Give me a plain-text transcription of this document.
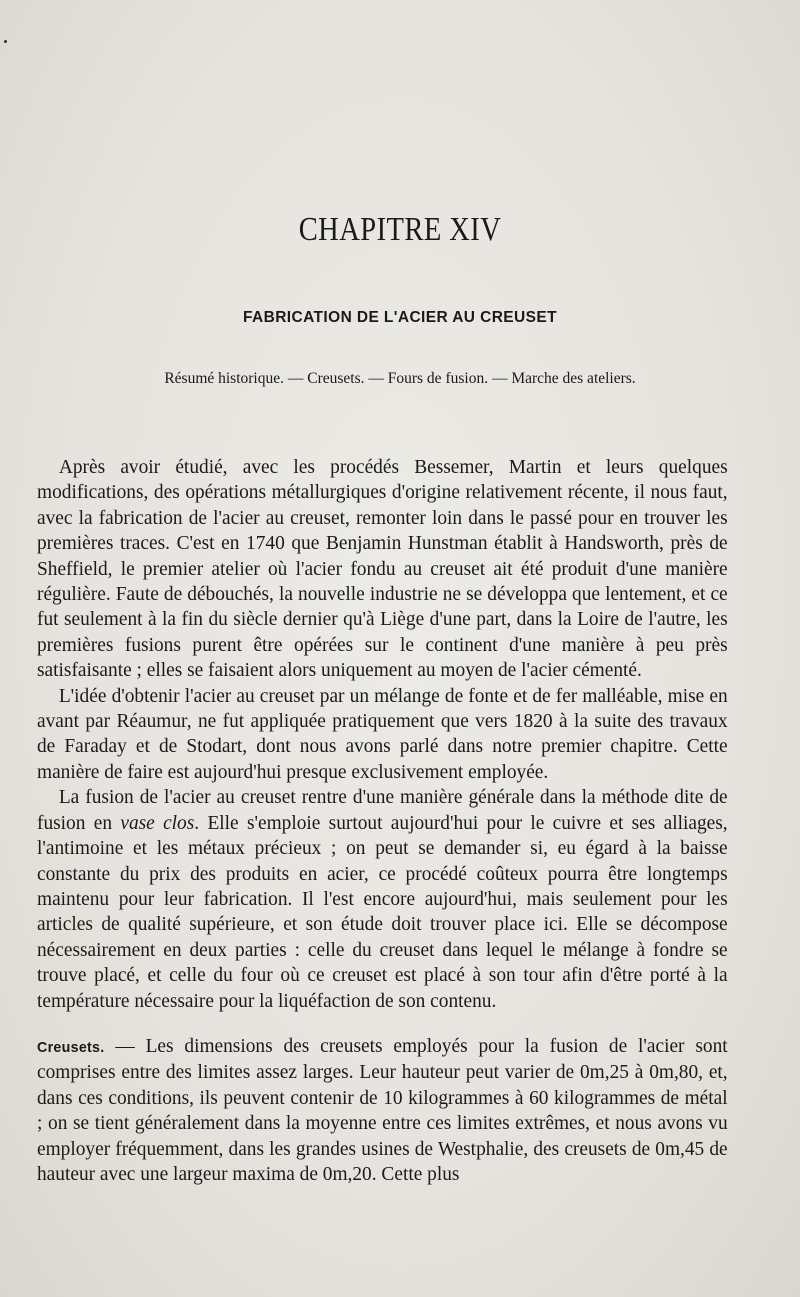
CHAPITRE XIV
FABRICATION DE L'ACIER AU CREUSET

Résumé historique. — Creusets. — Fours de fusion. — Marche des ateliers.

Après avoir étudié, avec les procédés Bessemer, Martin et leurs quelques modifications, des opérations métallurgiques d'origine relativement récente, il nous faut, avec la fabrication de l'acier au creuset, remonter loin dans le passé pour en trouver les premières traces. C'est en 1740 que Benjamin Hunstman établit à Handsworth, près de Sheffield, le premier atelier où l'acier fondu au creuset ait été produit d'une manière régulière. Faute de débouchés, la nouvelle industrie ne se développa que lentement, et ce fut seulement à la fin du siècle dernier qu'à Liège d'une part, dans la Loire de l'autre, les premières fusions purent être opérées sur le continent d'une manière à peu près satisfaisante ; elles se faisaient alors uniquement au moyen de l'acier cémenté.

L'idée d'obtenir l'acier au creuset par un mélange de fonte et de fer malléable, mise en avant par Réaumur, ne fut appliquée pratiquement que vers 1820 à la suite des travaux de Faraday et de Stodart, dont nous avons parlé dans notre premier chapitre. Cette manière de faire est aujourd'hui presque exclusivement employée.

La fusion de l'acier au creuset rentre d'une manière générale dans la méthode dite de fusion en vase clos. Elle s'emploie surtout aujourd'hui pour le cuivre et ses alliages, l'antimoine et les métaux précieux ; on peut se demander si, eu égard à la baisse constante du prix des produits en acier, ce procédé coûteux pourra être longtemps maintenu pour leur fabrication. Il l'est encore aujourd'hui, mais seulement pour les articles de qualité supérieure, et son étude doit trouver place ici. Elle se décompose nécessairement en deux parties : celle du creuset dans lequel le mélange à fondre se trouve placé, et celle du four où ce creuset est placé à son tour afin d'être porté à la température nécessaire pour la liquéfaction de son contenu.

Creusets. — Les dimensions des creusets employés pour la fusion de l'acier sont comprises entre des limites assez larges. Leur hauteur peut varier de 0m,25 à 0m,80, et, dans ces conditions, ils peuvent contenir de 10 kilogrammes à 60 kilogrammes de métal ; on se tient généralement dans la moyenne entre ces limites extrêmes, et nous avons vu employer fréquemment, dans les grandes usines de Westphalie, des creusets de 0m,45 de hauteur avec une largeur maxima de 0m,20. Cette plus
